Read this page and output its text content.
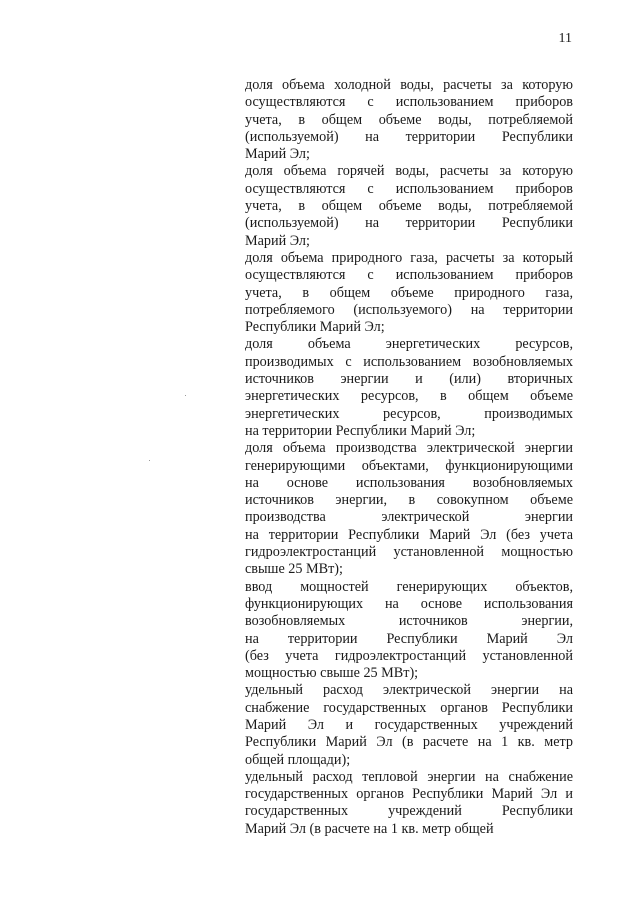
11

доля объема холодной воды, расчеты за которую
осуществляются с использованием приборов
учета, в общем объеме воды, потребляемой
(используемой) на территории Республики
Марий Эл;

доля объема горячей воды, расчеты за которую
осуществляются с использованием приборов
учета, в общем объеме воды, потребляемой
(используемой) на территории Республики
Марий Эл;

доля объема природного газа, расчеты за который
осуществляются с использованием приборов
учета, в общем объеме природного газа,
потребляемого (используемого) на территории
Республики Марий Эл;

доля объема энергетических ресурсов,
производимых с использованием возобновляемых
источников энергии и (или) вторичных
энергетических ресурсов, в общем объеме
энергетических ресурсов, производимых
на территории Республики Марий Эл;

доля объема производства электрической энергии
генерирующими объектами, функционирующими
на основе использования возобновляемых
источников энергии, в совокупном объеме
производства электрической энергии
на территории Республики Марий Эл (без учета
гидроэлектростанций установленной мощностью
свыше 25 МВт);

ввод мощностей генерирующих объектов,
функционирующих на основе использования
возобновляемых источников энергии,
на территории Республики Марий Эл
(без учета гидроэлектростанций установленной
мощностью свыше 25 МВт);

удельный расход электрической энергии на
снабжение государственных органов Республики
Марий Эл и государственных учреждений
Республики Марий Эл (в расчете на 1 кв. метр
общей площади);

удельный расход тепловой энергии на снабжение
государственных органов Республики Марий Эл и
государственных учреждений Республики
Марий Эл (в расчете на 1 кв. метр общей
